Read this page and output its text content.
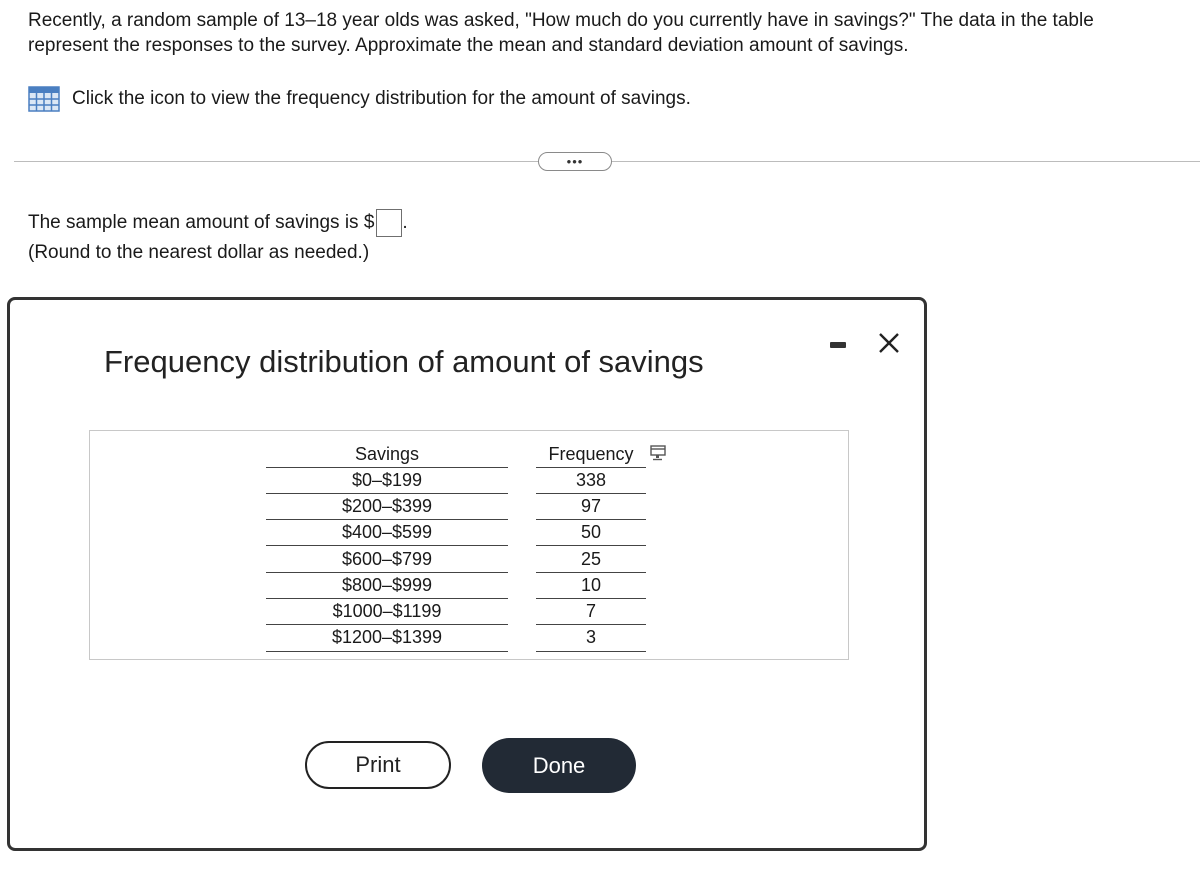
Recently, a random sample of 13–18 year olds was asked, "How much do you currently have in savings?" The data in the table represent the responses to the survey. Approximate the mean and standard deviation amount of savings.

Click the icon to view the frequency distribution for the amount of savings.
•••
The sample mean amount of savings is $ .
(Round to the nearest dollar as needed.)
Frequency distribution of amount of savings
Savings		Frequency
$0–$199		338
$200–$399		97
$400–$599		50
$600–$799		25
$800–$999		10
$1000–$1199		7
$1200–$1399		3
Print	Done
